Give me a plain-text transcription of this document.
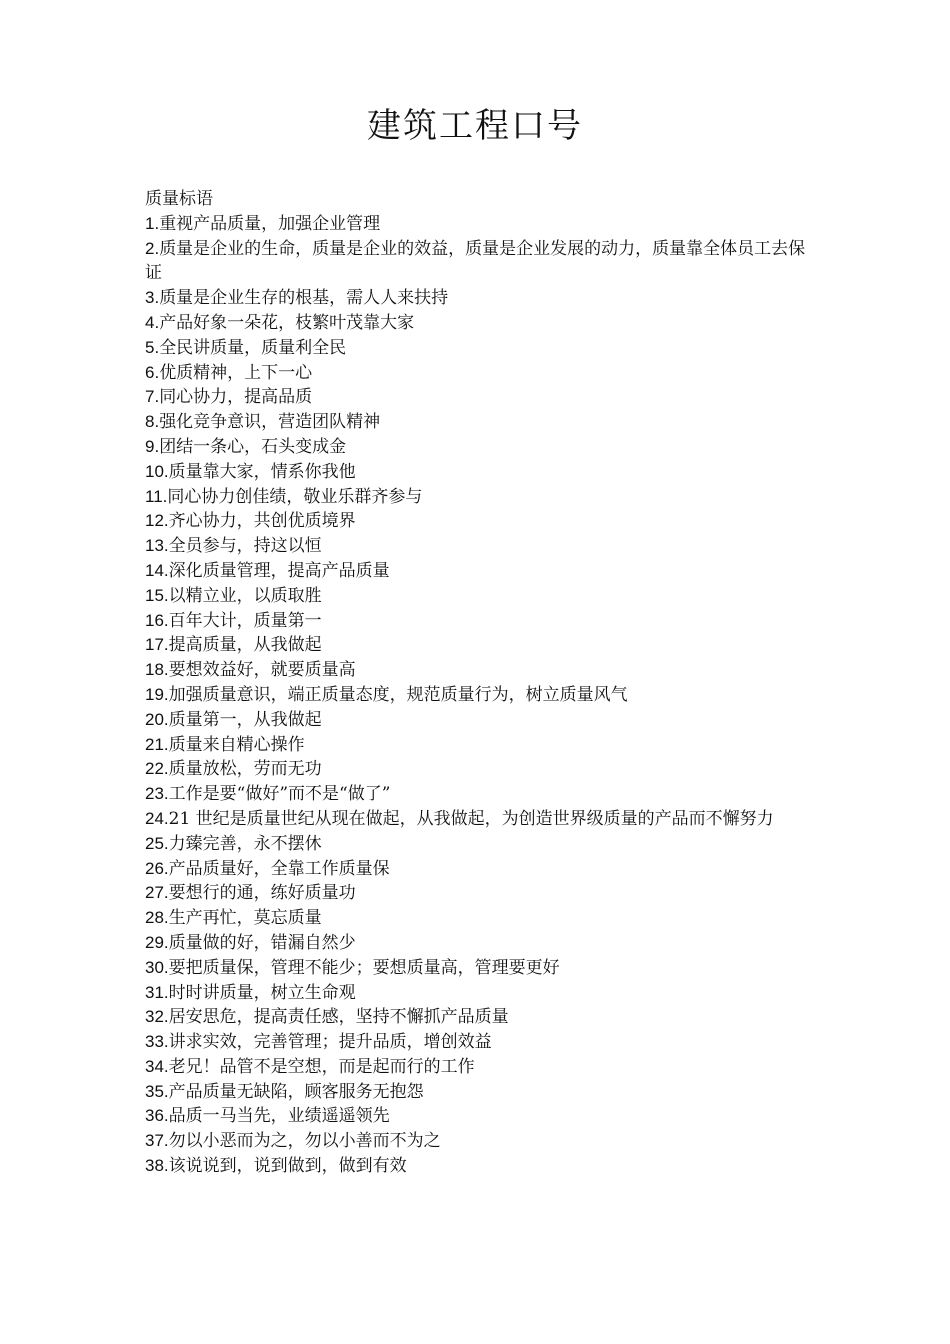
建筑工程口号

质量标语

1.重视产品质量，加强企业管理

2.质量是企业的生命，质量是企业的效益，质量是企业发展的动力，质量靠全体员工去保证

3.质量是企业生存的根基，需人人来扶持

4.产品好象一朵花，枝繁叶茂靠大家

5.全民讲质量，质量利全民

6.优质精神，上下一心

7.同心协力，提高品质

8.强化竞争意识，营造团队精神

9.团结一条心，石头变成金

10.质量靠大家，情系你我他

11.同心协力创佳绩，敬业乐群齐参与

12.齐心协力，共创优质境界

13.全员参与，持这以恒

14.深化质量管理，提高产品质量

15.以精立业，以质取胜

16.百年大计，质量第一

17.提高质量，从我做起

18.要想效益好，就要质量高

19.加强质量意识，端正质量态度，规范质量行为，树立质量风气

20.质量第一，从我做起

21.质量来自精心操作

22.质量放松，劳而无功

23.工作是要“做好”而不是“做了”

24.21 世纪是质量世纪从现在做起，从我做起，为创造世界级质量的产品而不懈努力

25.力臻完善，永不摆休

26.产品质量好，全靠工作质量保

27.要想行的通，练好质量功

28.生产再忙，莫忘质量

29.质量做的好，错漏自然少

30.要把质量保，管理不能少；要想质量高，管理要更好

31.时时讲质量，树立生命观

32.居安思危，提高责任感，坚持不懈抓产品质量

33.讲求实效，完善管理；提升品质，增创效益

34.老兄！品管不是空想，而是起而行的工作

35.产品质量无缺陷，顾客服务无抱怨

36.品质一马当先，业绩遥遥领先

37.勿以小恶而为之，勿以小善而不为之

38.该说说到，说到做到，做到有效
